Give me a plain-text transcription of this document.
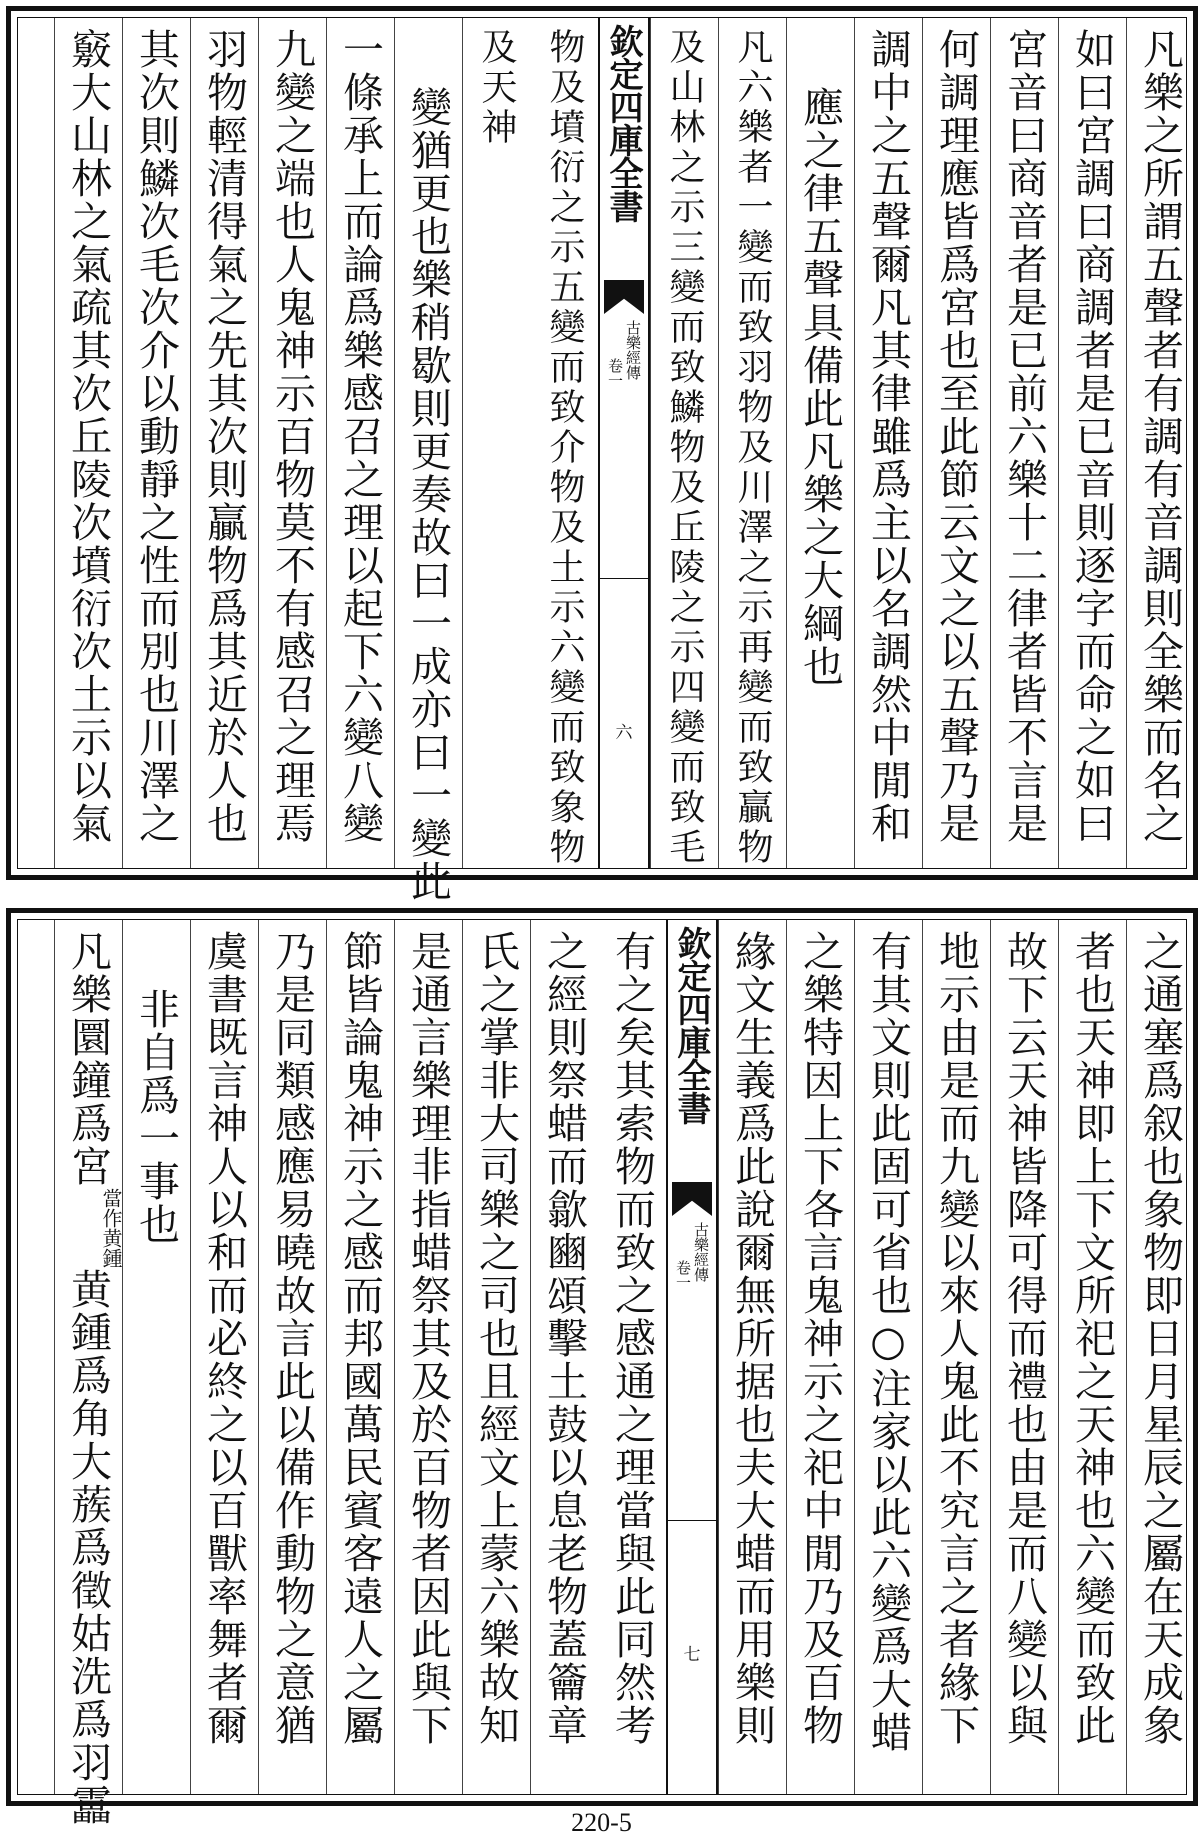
凡樂之所謂五聲者有調有音調則全樂而名之
如曰宮調曰商調者是已音則逐字而命之如曰
宮音曰商音者是已前六樂十二律者皆不言是
何調理應皆爲宮也至此節云文之以五聲乃是
調中之五聲爾凡其律雖爲主以名調然中閒和
應之律五聲具備此凡樂之大綱也
凡六樂者一變而致羽物及川澤之示再變而致贏物
及山林之示三變而致鱗物及丘陵之示四變而致毛
欽定四庫全書
古樂經傳
卷一
六
物及墳衍之示五變而致介物及土示六變而致象物
及天神
變猶更也樂稍歇則更奏故曰一成亦曰一變此
一條承上而論爲樂感召之理以起下六變八變
九變之端也人鬼神示百物莫不有感召之理焉
羽物輕清得氣之先其次則贏物爲其近於人也
其次則鱗次毛次介以動靜之性而別也川澤之
竅大山林之氣疏其次丘陵次墳衍次土示以氣
之通塞爲叙也象物即日月星辰之屬在天成象
者也天神即上下文所祀之天神也六變而致此
故下云天神皆降可得而禮也由是而八變以與
地示由是而九變以來人鬼此不究言之者緣下
有其文則此固可省也○注家以此六變爲大蜡
之樂特因上下各言鬼神示之祀中閒乃及百物
緣文生義爲此說爾無所据也夫大蜡而用樂則
欽定四庫全書
古樂經傳
卷一
七
有之矣其索物而致之感通之理當與此同然考
之經則祭蜡而歙豳頌擊土鼓以息老物蓋籥章
氏之掌非大司樂之司也且經文上蒙六樂故知
是通言樂理非指蜡祭其及於百物者因此與下
節皆論鬼神示之感而邦國萬民賓客遠人之屬
乃是同類感應易曉故言此以備作動物之意猶
虞書既言神人以和而必終之以百獸率舞者爾
非自爲一事也
凡樂圜鐘爲宮當作黄鍾黄鍾爲角大蔟爲徵姑洗爲羽靁	220-5
